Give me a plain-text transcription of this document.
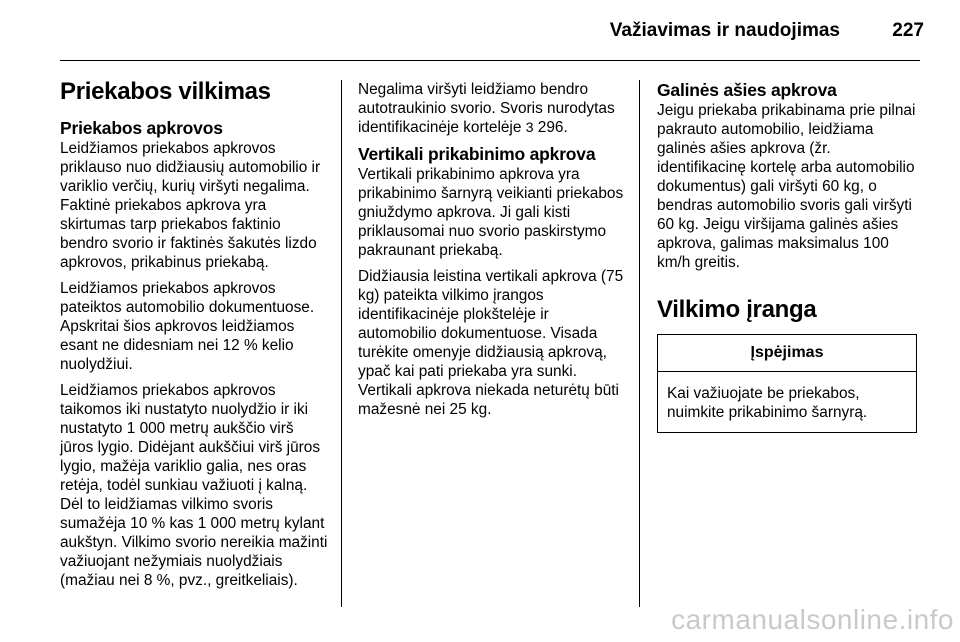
Važiavimas ir naudojimas	227
Priekabos vilkimas
Priekabos apkrovos

Leidžiamos priekabos apkrovos priklauso nuo didžiausių automobilio ir variklio verčių, kurių viršyti negalima. Faktinė priekabos apkrova yra skirtumas tarp priekabos faktinio bendro svorio ir faktinės šakutės lizdo apkrovos, prikabinus priekabą.

Leidžiamos priekabos apkrovos pateiktos automobilio dokumentuose. Apskritai šios apkrovos leidžiamos esant ne didesniam nei 12 % kelio nuolydžiui.

Leidžiamos priekabos apkrovos taikomos iki nustatyto nuolydžio ir iki nustatyto 1 000 metrų aukščio virš jūros lygio. Didėjant aukščiui virš jūros lygio, mažėja variklio galia, nes oras retėja, todėl sunkiau važiuoti į kalną. Dėl to leidžiamas vilkimo svoris sumažėja 10 % kas 1 000 metrų kylant aukštyn. Vilkimo svorio nereikia mažinti važiuojant nežymiais nuolydžiais (mažiau nei 8 %, pvz., greitkeliais).

Negalima viršyti leidžiamo bendro autotraukinio svorio. Svoris nurodytas identifikacinėje kortelėje 3 296.

Vertikali prikabinimo apkrova

Vertikali prikabinimo apkrova yra prikabinimo šarnyrą veikianti priekabos gniuždymo apkrova. Ji gali kisti priklausomai nuo svorio paskirstymo pakraunant priekabą.

Didžiausia leistina vertikali apkrova (75 kg) pateikta vilkimo įrangos identifikacinėje plokštelėje ir automobilio dokumentuose. Visada turėkite omenyje didžiausią apkrovą, ypač kai pati priekaba yra sunki. Vertikali apkrova niekada neturėtų būti mažesnė nei 25 kg.

Galinės ašies apkrova

Jeigu priekaba prikabinama prie pilnai pakrauto automobilio, leidžiama galinės ašies apkrova (žr. identifikacinę kortelę arba automobilio dokumentus) gali viršyti 60 kg, o bendras automobilio svoris gali viršyti 60 kg. Jeigu viršijama galinės ašies apkrova, galimas maksimalus 100 km/h greitis.

Vilkimo įranga
Įspėjimas
Kai važiuojate be priekabos, nuimkite prikabinimo šarnyrą.
carmanualsonline.info
